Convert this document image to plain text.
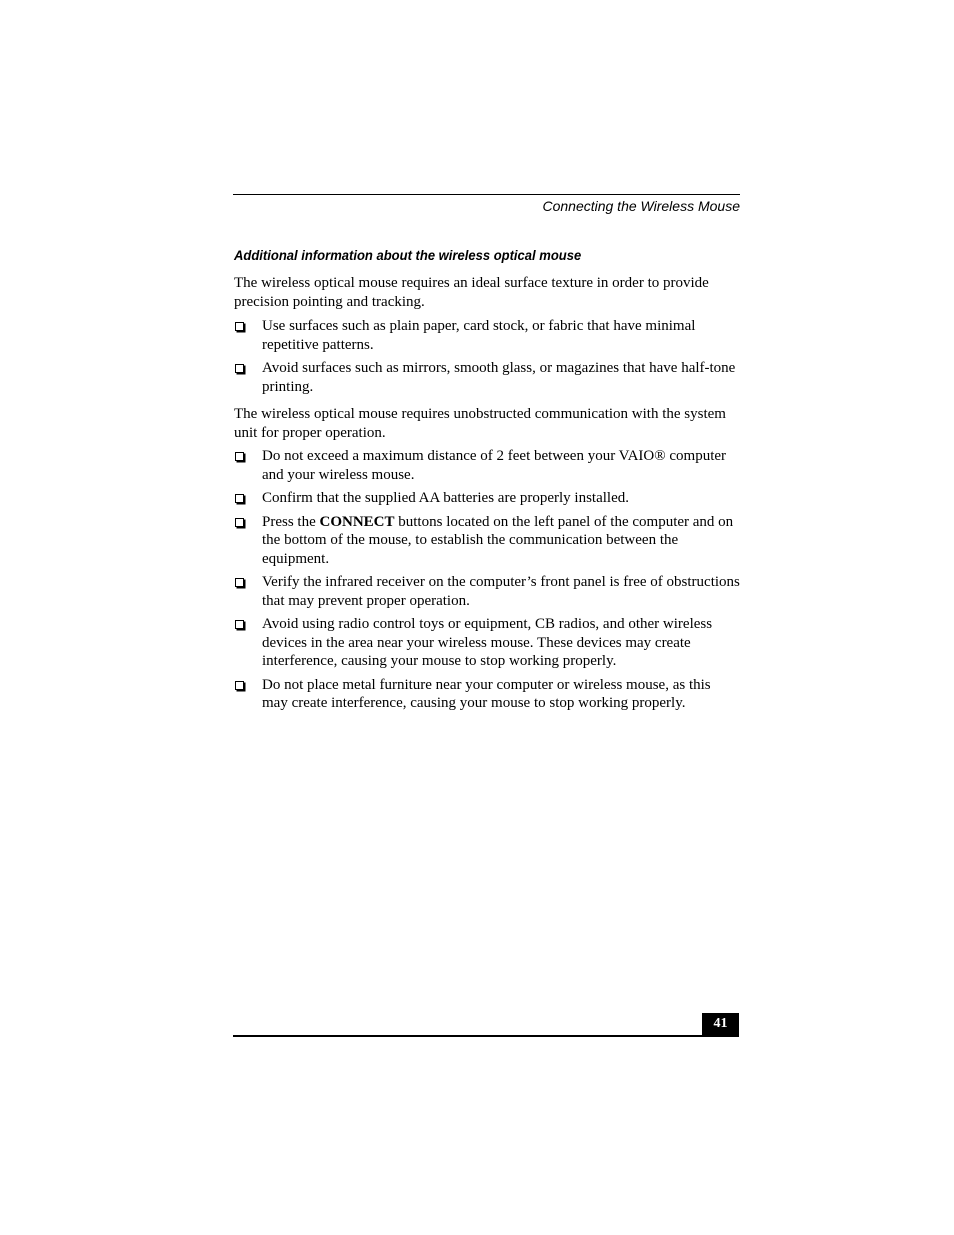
Connecting the Wireless Mouse
Additional information about the wireless optical mouse
The wireless optical mouse requires an ideal surface texture in order to provide precision pointing and tracking.
Use surfaces such as plain paper, card stock, or fabric that have minimal repetitive patterns.
Avoid surfaces such as mirrors, smooth glass, or magazines that have half-tone printing.
The wireless optical mouse requires unobstructed communication with the system unit for proper operation.
Do not exceed a maximum distance of 2 feet between your VAIO® computer and your wireless mouse.
Confirm that the supplied AA batteries are properly installed.
Press the CONNECT buttons located on the left panel of the computer and on the bottom of the mouse, to establish the communication between the equipment.
Verify the infrared receiver on the computer’s front panel is free of obstructions that may prevent proper operation.
Avoid using radio control toys or equipment, CB radios, and other wireless devices in the area near your wireless mouse. These devices may create interference, causing your mouse to stop working properly.
Do not place metal furniture near your computer or wireless mouse, as this may create interference, causing your mouse to stop working properly.
41
